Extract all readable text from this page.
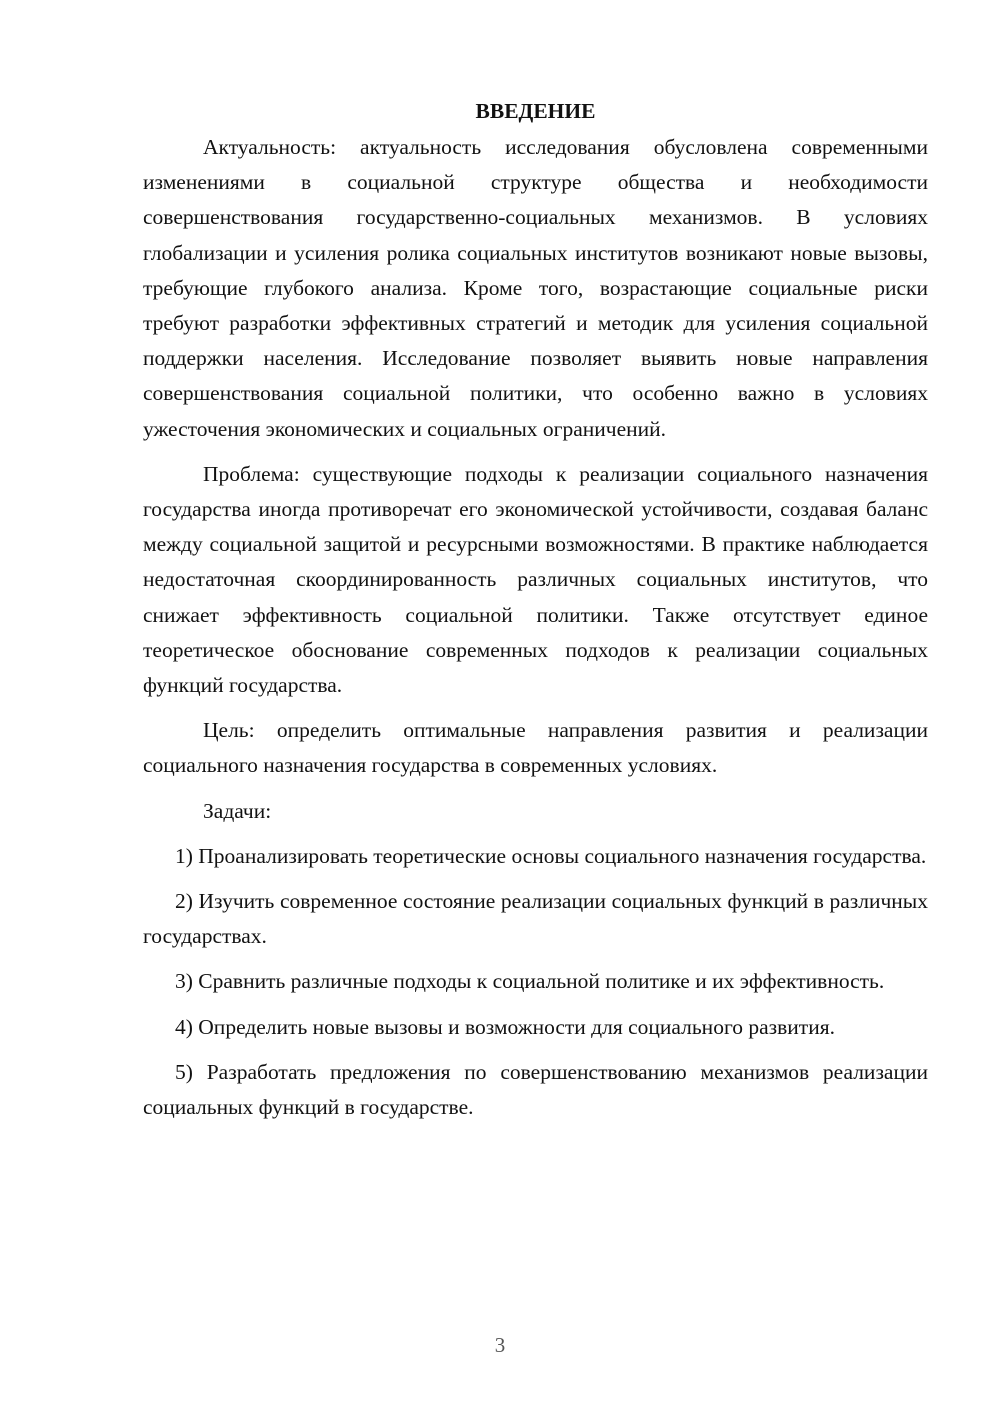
ВВЕДЕНИЕ

Актуальность: актуальность исследования обусловлена современными изменениями в социальной структуре общества и необходимости совершенствования государственно-социальных механизмов. В условиях глобализации и усиления ролика социальных институтов возникают новые вызовы, требующие глубокого анализа. Кроме того, возрастающие социальные риски требуют разработки эффективных стратегий и методик для усиления социальной поддержки населения. Исследование позволяет выявить новые направления совершенствования социальной политики, что особенно важно в условиях ужесточения экономических и социальных ограничений.

Проблема: существующие подходы к реализации социального назначения государства иногда противоречат его экономической устойчивости, создавая баланс между социальной защитой и ресурсными возможностями. В практике наблюдается недостаточная скоординированность различных социальных институтов, что снижает эффективность социальной политики. Также отсутствует единое теоретическое обоснование современных подходов к реализации социальных функций государства.

Цель: определить оптимальные направления развития и реализации социального назначения государства в современных условиях.

Задачи:

1) Проанализировать теоретические основы социального назначения государства.

2) Изучить современное состояние реализации социальных функций в различных государствах.

3) Сравнить различные подходы к социальной политике и их эффективность.

4) Определить новые вызовы и возможности для социального развития.

5) Разработать предложения по совершенствованию механизмов реализации социальных функций в государстве.

3
